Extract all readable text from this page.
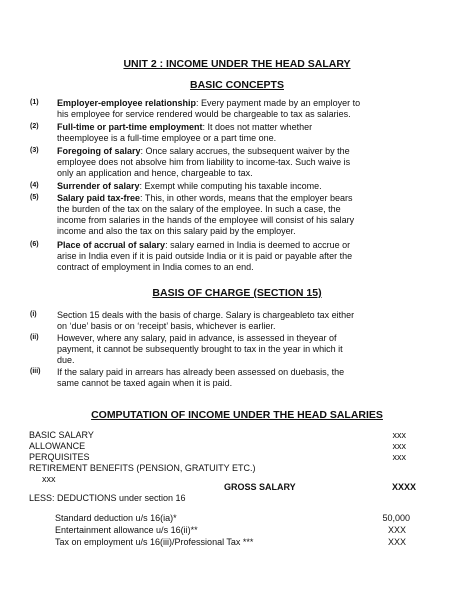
UNIT 2 : INCOME UNDER THE HEAD SALARY
BASIC CONCEPTS
(1) Employer-employee relationship: Every payment made by an employer to
his employee for service rendered would be chargeable to tax as salaries.
(2) Full-time or part-time employment: It does not matter whether
theemployee is a full-time employee or a part time one.
(3) Foregoing of salary: Once salary accrues, the subsequent waiver by the
employee does not absolve him from liability to income-tax. Such waive is
only an application and hence, chargeable to tax.
(4) Surrender of salary: Exempt while computing his taxable income.
(5) Salary paid tax-free: This, in other words, means that the employer bears
the burden of the tax on the salary of the employee. In such a case, the
income from salaries in the hands of the employee will consist of his salary
income and also the tax on this salary paid by the employer.
(6) Place of accrual of salary: salary earned in India is deemed to accrue or
arise in India even if it is paid outside India or it is paid or payable after the
contract of employment in India comes to an end.
BASIS OF CHARGE (SECTION 15)
(i) Section 15 deals with the basis of charge. Salary is chargeableto tax either
on ‘due’ basis or on ‘receipt’ basis, whichever is earlier.
(ii) However, where any salary, paid in advance, is assessed in theyear of
payment, it cannot be subsequently brought to tax in the year in which it
due.
(iii) If the salary paid in arrears has already been assessed on duebasis, the
same cannot be taxed again when it is paid.
COMPUTATION OF INCOME UNDER THE HEAD SALARIES
BASIC SALARY	xxx
ALLOWANCE	xxx
PERQUISITES	xxx
RETIREMENT BENEFITS (PENSION, GRATUITY ETC.)
xxx
GROSS SALARY	XXXX
LESS: DEDUCTIONS under section 16
Standard deduction u/s 16(ia)*	50,000
Entertainment allowance u/s 16(ii)**	XXX
Tax on employment u/s 16(iii)/Professional Tax ***	XXX
